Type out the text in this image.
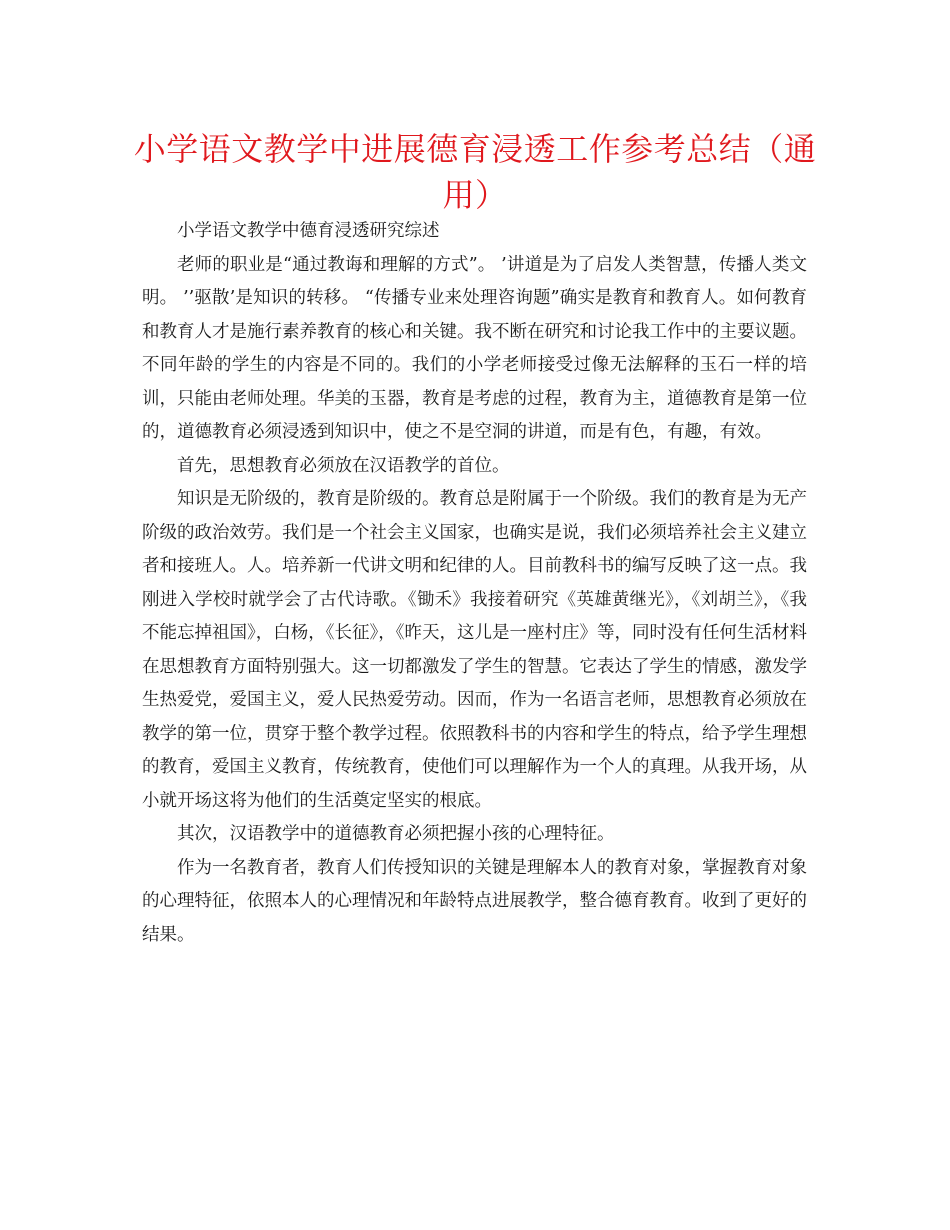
小学语文教学中进展德育浸透工作参考总结（通用）

小学语文教学中德育浸透研究综述

老师的职业是“通过教诲和理解的方式”。 ’讲道是为了启发人类智慧，传播人类文明。 ’’驱散’是知识的转移。 “传播专业来处理咨询题”确实是教育和教育人。如何教育和教育人才是施行素养教育的核心和关键。我不断在研究和讨论我工作中的主要议题。不同年龄的学生的内容是不同的。我们的小学老师接受过像无法解释的玉石一样的培训，只能由老师处理。华美的玉器，教育是考虑的过程，教育为主，道德教育是第一位的，道德教育必须浸透到知识中，使之不是空洞的讲道，而是有色，有趣，有效。

首先，思想教育必须放在汉语教学的首位。

知识是无阶级的，教育是阶级的。教育总是附属于一个阶级。我们的教育是为无产阶级的政治效劳。我们是一个社会主义国家，也确实是说，我们必须培养社会主义建立者和接班人。人。培养新一代讲文明和纪律的人。目前教科书的编写反映了这一点。我刚进入学校时就学会了古代诗歌。《锄禾》我接着研究《英雄黄继光》，《刘胡兰》，《我不能忘掉祖国》，白杨，《长征》，《昨天，这儿是一座村庄》等，同时没有任何生活材料在思想教育方面特别强大。这一切都激发了学生的智慧。它表达了学生的情感，激发学生热爱党，爱国主义，爱人民热爱劳动。因而，作为一名语言老师，思想教育必须放在教学的第一位，贯穿于整个教学过程。依照教科书的内容和学生的特点，给予学生理想的教育，爱国主义教育，传统教育，使他们可以理解作为一个人的真理。从我开场，从小就开场这将为他们的生活奠定坚实的根底。

其次，汉语教学中的道德教育必须把握小孩的心理特征。

作为一名教育者，教育人们传授知识的关键是理解本人的教育对象，掌握教育对象的心理特征，依照本人的心理情况和年龄特点进展教学，整合德育教育。收到了更好的结果。
